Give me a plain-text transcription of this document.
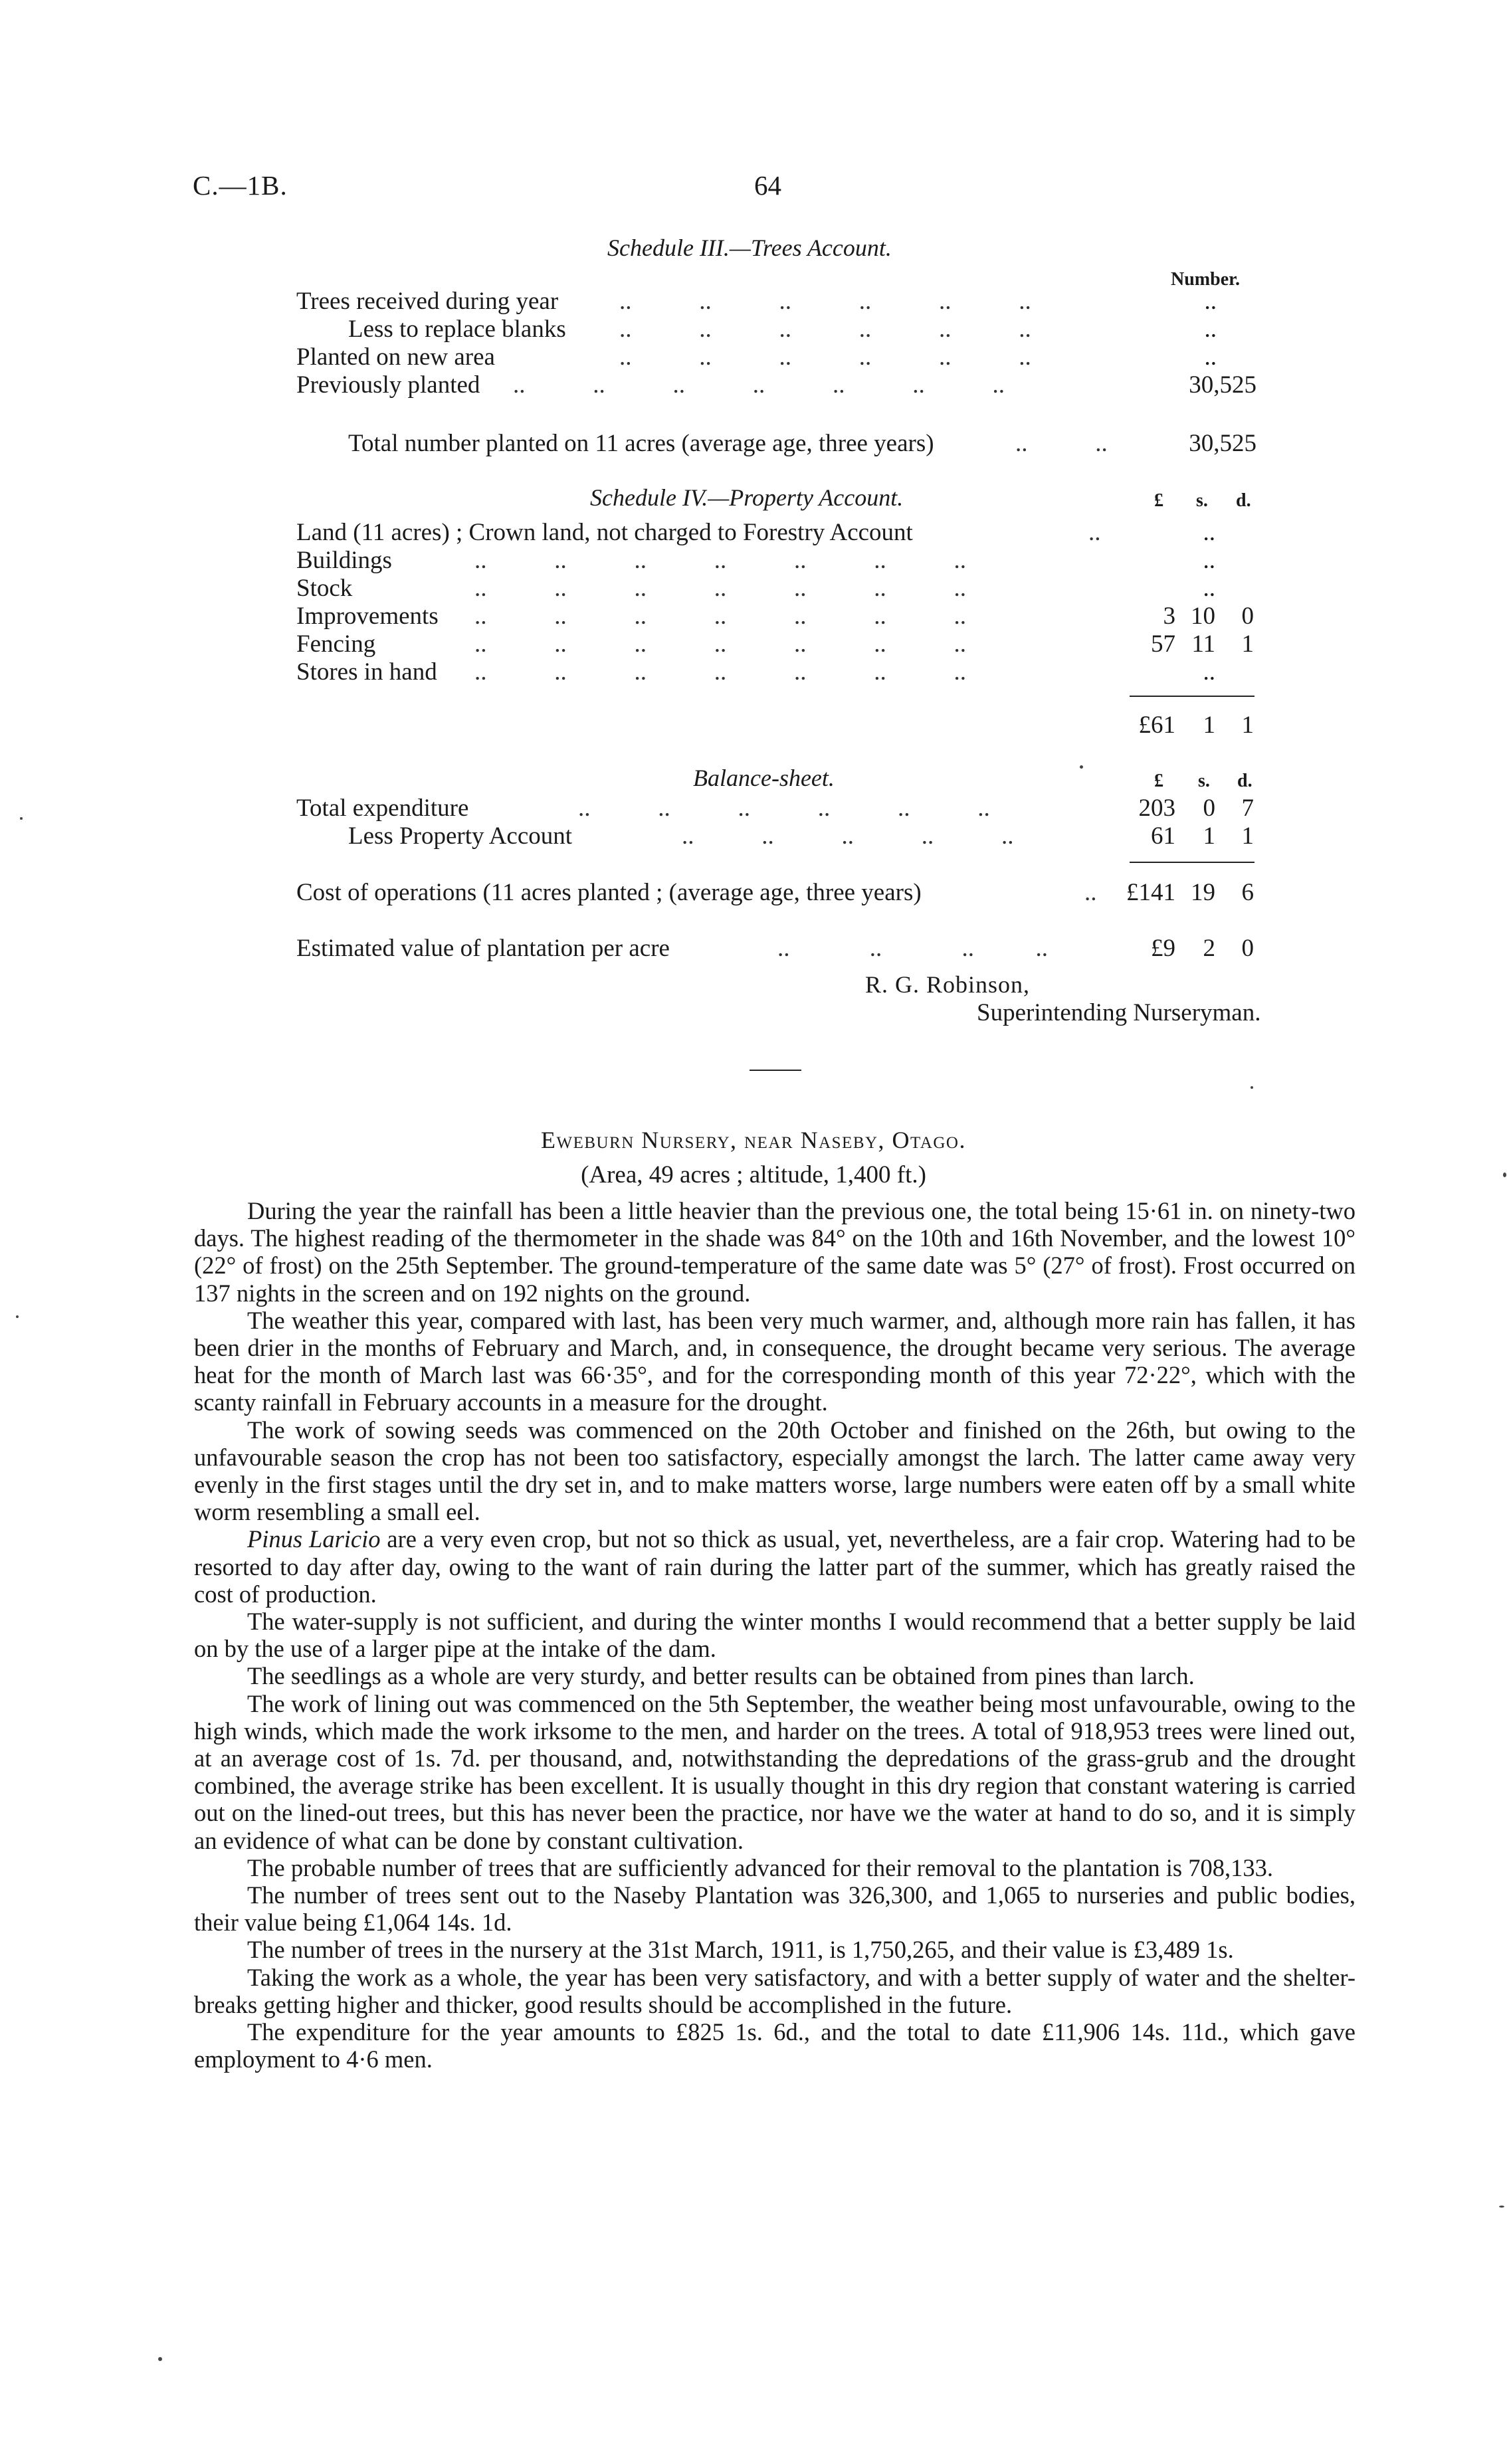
C.—1B.	64
Schedule III.—Trees Account.
Number.
Trees received during year ..           ..           ..           ..           ..           ..	..
Less to replace blanks ..           ..           ..           ..           ..           ..	..
Planted on new area	..           ..           ..           ..           ..           ..	..
Previously planted ..           ..           ..           ..           ..           ..           ..	30,525
Total number planted on 11 acres (average age, three years)	..           ..	30,525
Schedule IV.—Property Account.	£ s. d.
Land (11 acres) ; Crown land, not charged to Forestry Account	.. ..
Buildings	..           ..           ..           ..           ..           ..           ..	..
Stock	..           ..           ..           ..           ..           ..           ..	..
Improvements ..           ..           ..           ..           ..           ..           ..	3 10 0
Fencing	..           ..           ..           ..           ..           ..           ..	57 11 1
Stores in hand ..           ..           ..           ..           ..           ..           ..	..
£61 1 1
Balance-sheet.	£ s. d.
Total expenditure	..           ..           ..           ..           ..           ..	203 0 7
Less Property Account	..           ..           ..           ..           ..	61 1 1
Cost of operations (11 acres planted ; (average age, three years)	.. £141 19 6
Estimated value of plantation per acre	..             ..             ..          ..	£9 2 0
R. G. Robinson,
Superintending Nurseryman.
Eweburn Nursery, near Naseby, Otago.
(Area, 49 acres ; altitude, 1,400 ft.)

During the year the rainfall has been a little heavier than the previous one, the total being 15·61 in. on ninety-two days. The highest reading of the thermometer in the shade was 84° on the 10th and 16th November, and the lowest 10° (22° of frost) on the 25th September. The ground-temperature of the same date was 5° (27° of frost). Frost occurred on 137 nights in the screen and on 192 nights on the ground.

The weather this year, compared with last, has been very much warmer, and, although more rain has fallen, it has been drier in the months of February and March, and, in consequence, the drought became very serious. The average heat for the month of March last was 66·35°, and for the corresponding month of this year 72·22°, which with the scanty rainfall in February accounts in a measure for the drought.

The work of sowing seeds was commenced on the 20th October and finished on the 26th, but owing to the unfavourable season the crop has not been too satisfactory, especially amongst the larch. The latter came away very evenly in the first stages until the dry set in, and to make matters worse, large numbers were eaten off by a small white worm resembling a small eel.

Pinus Laricio are a very even crop, but not so thick as usual, yet, nevertheless, are a fair crop. Watering had to be resorted to day after day, owing to the want of rain during the latter part of the summer, which has greatly raised the cost of production.

The water-supply is not sufficient, and during the winter months I would recommend that a better supply be laid on by the use of a larger pipe at the intake of the dam.

The seedlings as a whole are very sturdy, and better results can be obtained from pines than larch.

The work of lining out was commenced on the 5th September, the weather being most unfavourable, owing to the high winds, which made the work irksome to the men, and harder on the trees. A total of 918,953 trees were lined out, at an average cost of 1s. 7d. per thousand, and, notwithstanding the depredations of the grass-grub and the drought combined, the average strike has been excellent. It is usually thought in this dry region that constant watering is carried out on the lined-out trees, but this has never been the practice, nor have we the water at hand to do so, and it is simply an evidence of what can be done by constant cultivation.

The probable number of trees that are sufficiently advanced for their removal to the plantation is 708,133.

The number of trees sent out to the Naseby Plantation was 326,300, and 1,065 to nurseries and public bodies, their value being £1,064 14s. 1d.

The number of trees in the nursery at the 31st March, 1911, is 1,750,265, and their value is £3,489 1s.

Taking the work as a whole, the year has been very satisfactory, and with a better supply of water and the shelter-breaks getting higher and thicker, good results should be accomplished in the future.

The expenditure for the year amounts to £825 1s. 6d., and the total to date £11,906 14s. 11d., which gave employment to 4·6 men.
